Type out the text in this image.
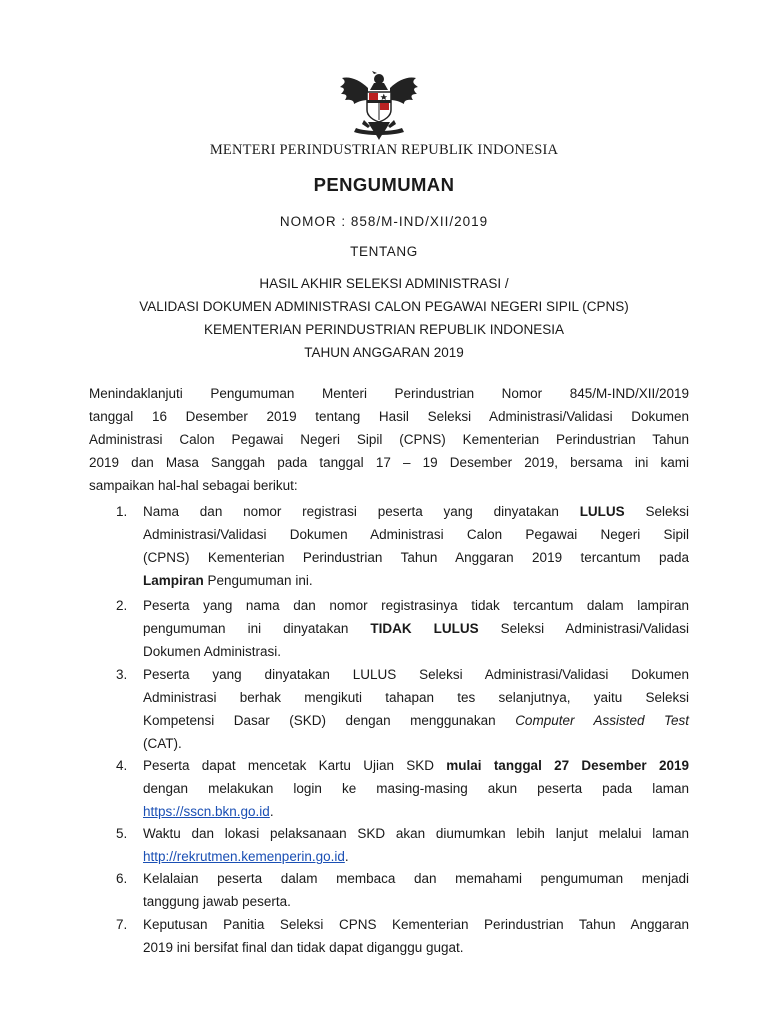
MENTERI PERINDUSTRIAN REPUBLIK INDONESIA
PENGUMUMAN
NOMOR : 858/M-IND/XII/2019
TENTANG
HASIL AKHIR SELEKSI ADMINISTRASI /
VALIDASI DOKUMEN ADMINISTRASI CALON PEGAWAI NEGERI SIPIL (CPNS)
KEMENTERIAN PERINDUSTRIAN REPUBLIK INDONESIA
TAHUN ANGGARAN 2019
Menindaklanjuti Pengumuman Menteri Perindustrian Nomor 845/M-IND/XII/2019
tanggal 16 Desember 2019 tentang Hasil Seleksi Administrasi/Validasi Dokumen
Administrasi Calon Pegawai Negeri Sipil (CPNS) Kementerian Perindustrian Tahun
2019 dan Masa Sanggah pada tanggal 17 – 19 Desember 2019, bersama ini kami
sampaikan hal-hal sebagai berikut:
1. Nama dan nomor registrasi peserta yang dinyatakan LULUS Seleksi
Administrasi/Validasi Dokumen Administrasi Calon Pegawai Negeri Sipil
(CPNS) Kementerian Perindustrian Tahun Anggaran 2019 tercantum pada
Lampiran Pengumuman ini.
2. Peserta yang nama dan nomor registrasinya tidak tercantum dalam lampiran
pengumuman ini dinyatakan TIDAK LULUS Seleksi Administrasi/Validasi
Dokumen Administrasi.
3. Peserta yang dinyatakan LULUS Seleksi Administrasi/Validasi Dokumen
Administrasi berhak mengikuti tahapan tes selanjutnya, yaitu Seleksi
Kompetensi Dasar (SKD) dengan menggunakan Computer Assisted Test
(CAT).
4. Peserta dapat mencetak Kartu Ujian SKD mulai tanggal 27 Desember 2019
dengan melakukan login ke masing-masing akun peserta pada laman
https://sscn.bkn.go.id.
5. Waktu dan lokasi pelaksanaan SKD akan diumumkan lebih lanjut melalui laman
http://rekrutmen.kemenperin.go.id.
6. Kelalaian peserta dalam membaca dan memahami pengumuman menjadi
tanggung jawab peserta.
7. Keputusan Panitia Seleksi CPNS Kementerian Perindustrian Tahun Anggaran
2019 ini bersifat final dan tidak dapat diganggu gugat.
